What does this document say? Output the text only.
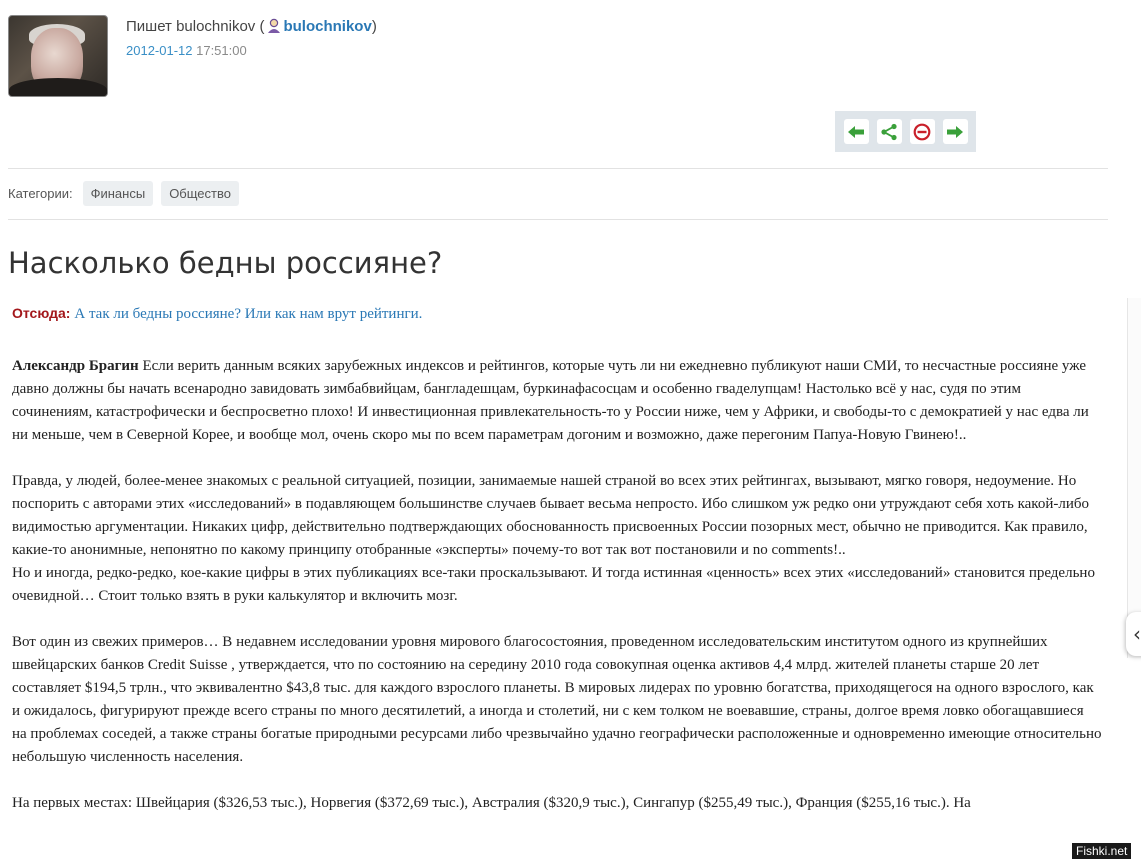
Пишет bulochnikov ( bulochnikov)
2012-01-12 17:51:00
Категории:	Финансы	Общество
Насколько бедны россияне?
Отсюда: А так ли бедны россияне? Или как нам врут рейтинги.

Александр Брагин Если верить данным всяких зарубежных индексов и рейтингов, которые чуть ли ни ежедневно публикуют наши СМИ, то несчастные россияне уже давно должны бы начать всенародно завидовать зимбабвийцам, бангладешцам, буркинафасосцам и особенно гваделупцам! Настолько всё у нас, судя по этим сочинениям, катастрофически и беспросветно плохо! И инвестиционная привлекательность-то у России ниже, чем у Африки, и свободы-то с демократией у нас едва ли ни меньше, чем в Северной Корее, и вообще мол, очень скоро мы по всем параметрам догоним и возможно, даже перегоним Папуа-Новую Гвинею!..

Правда, у людей, более-менее знакомых с реальной ситуацией, позиции, занимаемые нашей страной во всех этих рейтингах, вызывают, мягко говоря, недоумение. Но поспорить с авторами этих «исследований» в подавляющем большинстве случаев бывает весьма непросто. Ибо слишком уж редко они утруждают себя хоть какой-либо видимостью аргументации. Никаких цифр, действительно подтверждающих обоснованность присвоенных России позорных мест, обычно не приводится. Как правило, какие-то анонимные, непонятно по какому принципу отобранные «эксперты» почему-то вот так вот постановили и no comments!..

Но и иногда, редко-редко, кое-какие цифры в этих публикациях все-таки проскальзывают. И тогда истинная «ценность» всех этих «исследований» становится предельно очевидной… Стоит только взять в руки калькулятор и включить мозг.

Вот один из свежих примеров… В недавнем исследовании уровня мирового благосостояния, проведенном исследовательским институтом одного из крупнейших швейцарских банков Credit Suisse , утверждается, что по состоянию на середину 2010 года совокупная оценка активов 4,4 млрд. жителей планеты старше 20 лет составляет $194,5 трлн., что эквивалентно $43,8 тыс. для каждого взрослого планеты. В мировых лидерах по уровню богатства, приходящегося на одного взрослого, как и ожидалось, фигурируют прежде всего страны по много десятилетий, а иногда и столетий, ни с кем толком не воевавшие, страны, долгое время ловко обогащавшиеся на проблемах соседей, а также страны богатые природными ресурсами либо чрезвычайно удачно географически расположенные и одновременно имеющие относительно небольшую численность населения.

На первых местах: Швейцария ($326,53 тыс.), Норвегия ($372,69 тыс.), Австралия ($320,9 тыс.), Сингапур ($255,49 тыс.), Франция ($255,16 тыс.). На

‹
Fishki.net
